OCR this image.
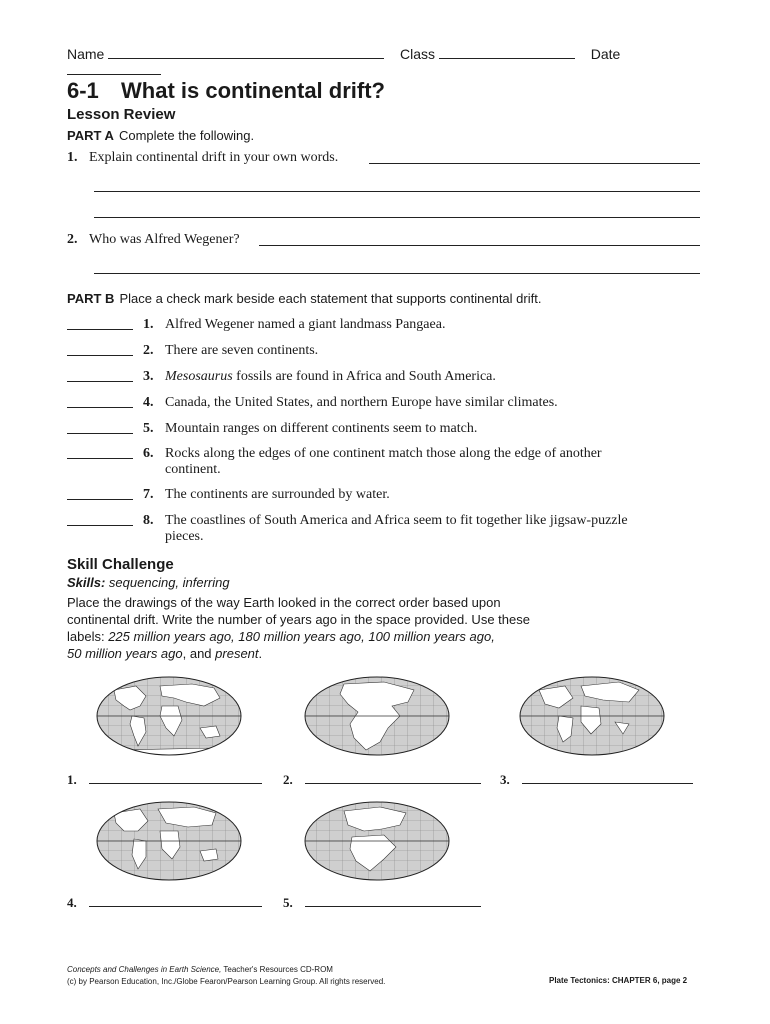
Name	Class	Date
6-1 What is continental drift?
Lesson Review
PART A Complete the following.
1. Explain continental drift in your own words.
2. Who was Alfred Wegener?
PART B Place a check mark beside each statement that supports continental drift.
1. Alfred Wegener named a giant landmass Pangaea.
2. There are seven continents.
3. Mesosaurus fossils are found in Africa and South America.
4. Canada, the United States, and northern Europe have similar climates.
5. Mountain ranges on different continents seem to match.
6. Rocks along the edges of one continent match those along the edge of another continent.
7. The continents are surrounded by water.
8. The coastlines of South America and Africa seem to fit together like jigsaw-puzzle pieces.
Skill Challenge
Skills: sequencing, inferring
Place the drawings of the way Earth looked in the correct order based upon continental drift. Write the number of years ago in the space provided. Use these labels: 225 million years ago, 180 million years ago, 100 million years ago,
50 million years ago, and present.
1.	2.	3.
4.	5.
Concepts and Challenges in Earth Science, Teacher's Resources CD-ROM
(c) by Pearson Education, Inc./Globe Fearon/Pearson Learning Group. All rights reserved.	Plate Tectonics: CHAPTER 6, page 2
